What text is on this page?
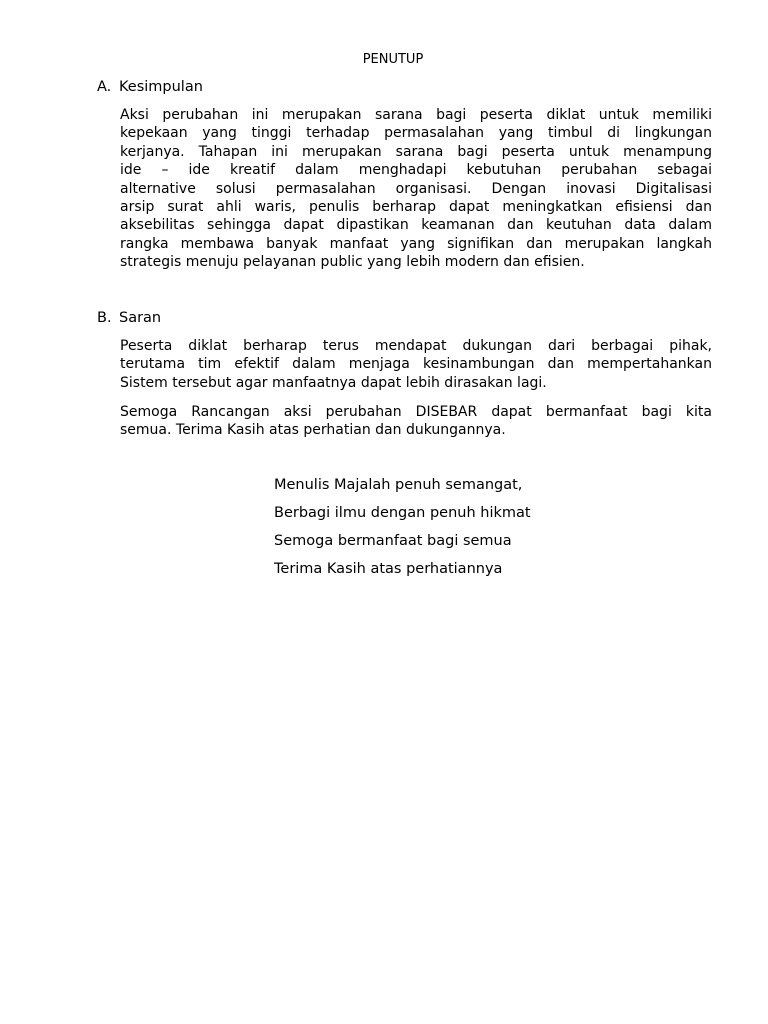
PENUTUP
A. Kesimpulan

Aksi perubahan ini merupakan sarana bagi peserta diklat untuk memiliki
kepekaan yang tinggi terhadap permasalahan yang timbul di lingkungan
kerjanya. Tahapan ini merupakan sarana bagi peserta untuk menampung
ide – ide kreatif dalam menghadapi kebutuhan perubahan sebagai
alternative solusi permasalahan organisasi. Dengan inovasi Digitalisasi
arsip surat ahli waris, penulis berharap dapat meningkatkan efisiensi dan
aksebilitas sehingga dapat dipastikan keamanan dan keutuhan data dalam
rangka membawa banyak manfaat yang signifikan dan merupakan langkah
strategis menuju pelayanan public yang lebih modern dan efisien.

B. Saran

Peserta diklat berharap terus mendapat dukungan dari berbagai pihak,
terutama tim efektif dalam menjaga kesinambungan dan mempertahankan
Sistem tersebut agar manfaatnya dapat lebih dirasakan lagi.

Semoga Rancangan aksi perubahan DISEBAR dapat bermanfaat bagi kita
semua. Terima Kasih atas perhatian dan dukungannya.

Menulis Majalah penuh semangat,
Berbagi ilmu dengan penuh hikmat
Semoga bermanfaat bagi semua
Terima Kasih atas perhatiannya
